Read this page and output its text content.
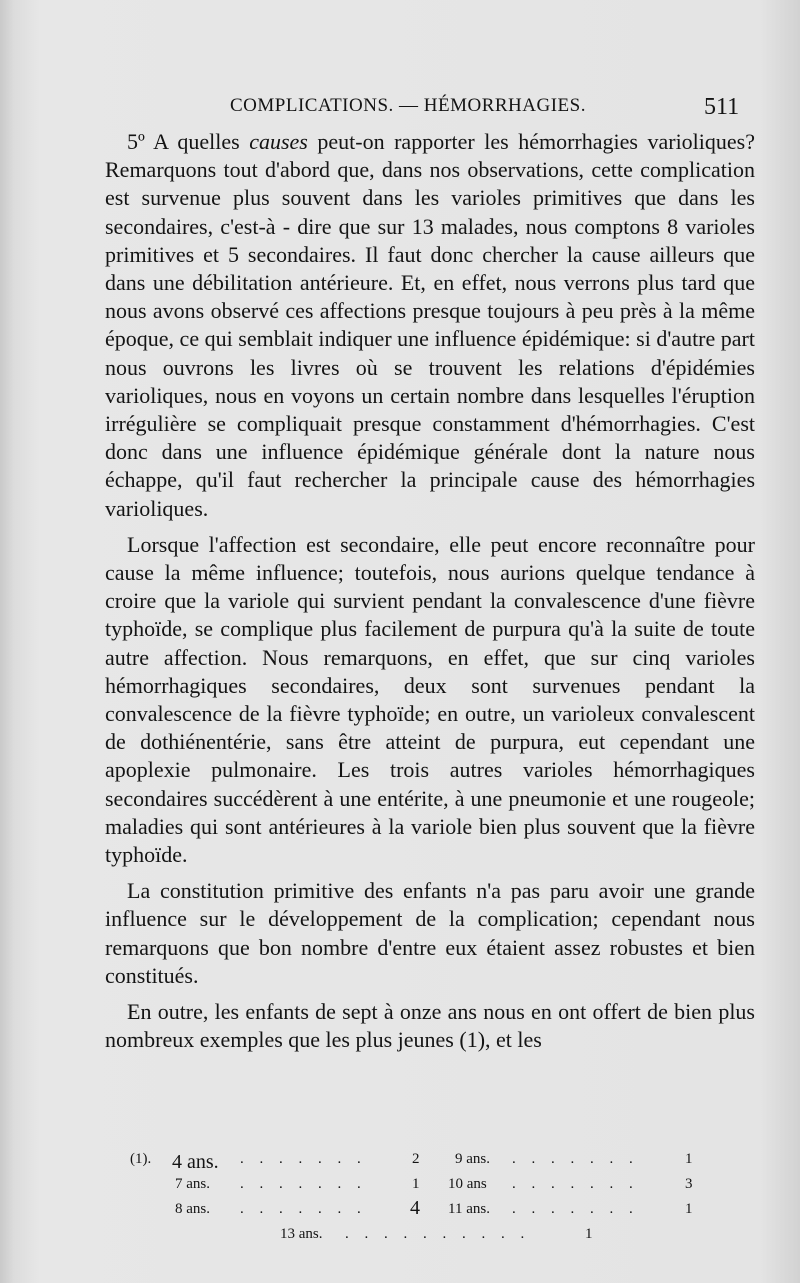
COMPLICATIONS. — HÉMORRHAGIES.	511

5º A quelles causes peut-on rapporter les hémorrhagies varioliques? Remarquons tout d'abord que, dans nos observations, cette complication est survenue plus souvent dans les varioles primitives que dans les secondaires, c'est-à - dire que sur 13 malades, nous comptons 8 varioles primitives et 5 secondaires. Il faut donc chercher la cause ailleurs que dans une débilitation antérieure. Et, en effet, nous verrons plus tard que nous avons observé ces affections presque toujours à peu près à la même époque, ce qui semblait indiquer une influence épidémique: si d'autre part nous ouvrons les livres où se trouvent les relations d'épidémies varioliques, nous en voyons un certain nombre dans lesquelles l'éruption irrégulière se compliquait presque constamment d'hémorrhagies. C'est donc dans une influence épidémique générale dont la nature nous échappe, qu'il faut rechercher la principale cause des hémorrhagies varioliques.

Lorsque l'affection est secondaire, elle peut encore reconnaître pour cause la même influence; toutefois, nous aurions quelque tendance à croire que la variole qui survient pendant la convalescence d'une fièvre typhoïde, se complique plus facilement de purpura qu'à la suite de toute autre affection. Nous remarquons, en effet, que sur cinq varioles hémorrhagiques secondaires, deux sont survenues pendant la convalescence de la fièvre typhoïde; en outre, un varioleux convalescent de dothiénentérie, sans être atteint de purpura, eut cependant une apoplexie pulmonaire. Les trois autres varioles hémorrhagiques secondaires succédèrent à une entérite, à une pneumonie et une rougeole; maladies qui sont antérieures à la variole bien plus souvent que la fièvre typhoïde.

La constitution primitive des enfants n'a pas paru avoir une grande influence sur le développement de la complication; cependant nous remarquons que bon nombre d'entre eux étaient assez robustes et bien constitués.

En outre, les enfants de sept à onze ans nous en ont offert de bien plus nombreux exemples que les plus jeunes (1), et les

(1). 4 ans. . . . . . . .	2 9 ans. . . . . . . .	1
7 ans. . . . . . . .	1 10 ans . . . . . . .	3
8 ans. . . . . . . . 4 11 ans. . . . . . . .	1
13 ans. . . . . . . . . . .	1
